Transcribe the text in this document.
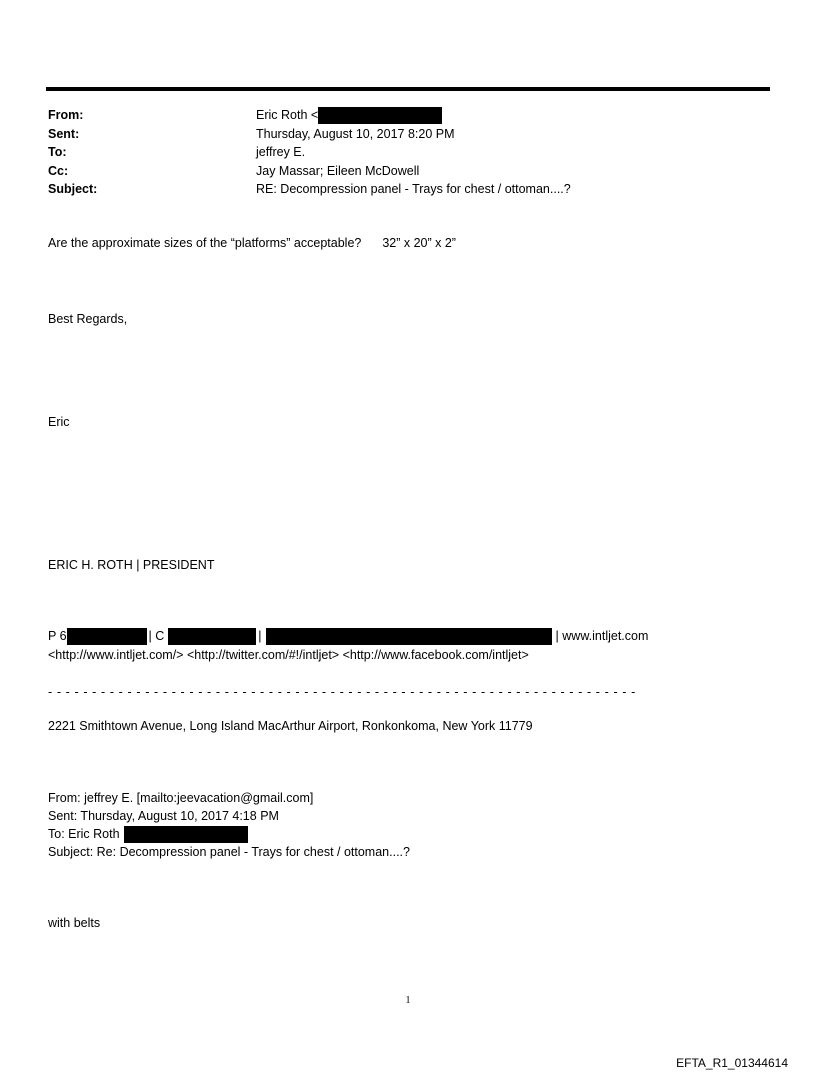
From:	Eric Roth <
Sent:	Thursday, August 10, 2017 8:20 PM
To:	jeffrey E.
Cc:	Jay Massar; Eileen McDowell
Subject:	RE: Decompression panel - Trays for chest / ottoman....?
Are the approximate sizes of the “platforms” acceptable? 32” x 20” x 2”
Best Regards,
Eric
ERIC H. ROTH | PRESIDENT
P 6	| C	|	| www.intljet.com
<http://www.intljet.com/> <http://twitter.com/#!/intljet> <http://www.facebook.com/intljet>
- - - - - - - - - - - - - - - - - - - - - - - - - - - - - - - - - - - - - - - - - - - - - - - - - - - - - - - - - - - - - - - - - - -
2221 Smithtown Avenue, Long Island MacArthur Airport, Ronkonkoma, New York 11779
From: jeffrey E. [mailto:jeevacation@gmail.com]
Sent: Thursday, August 10, 2017 4:18 PM
To: Eric Roth
Subject: Re: Decompression panel - Trays for chest / ottoman....?
with belts
1
EFTA_R1_01344614
